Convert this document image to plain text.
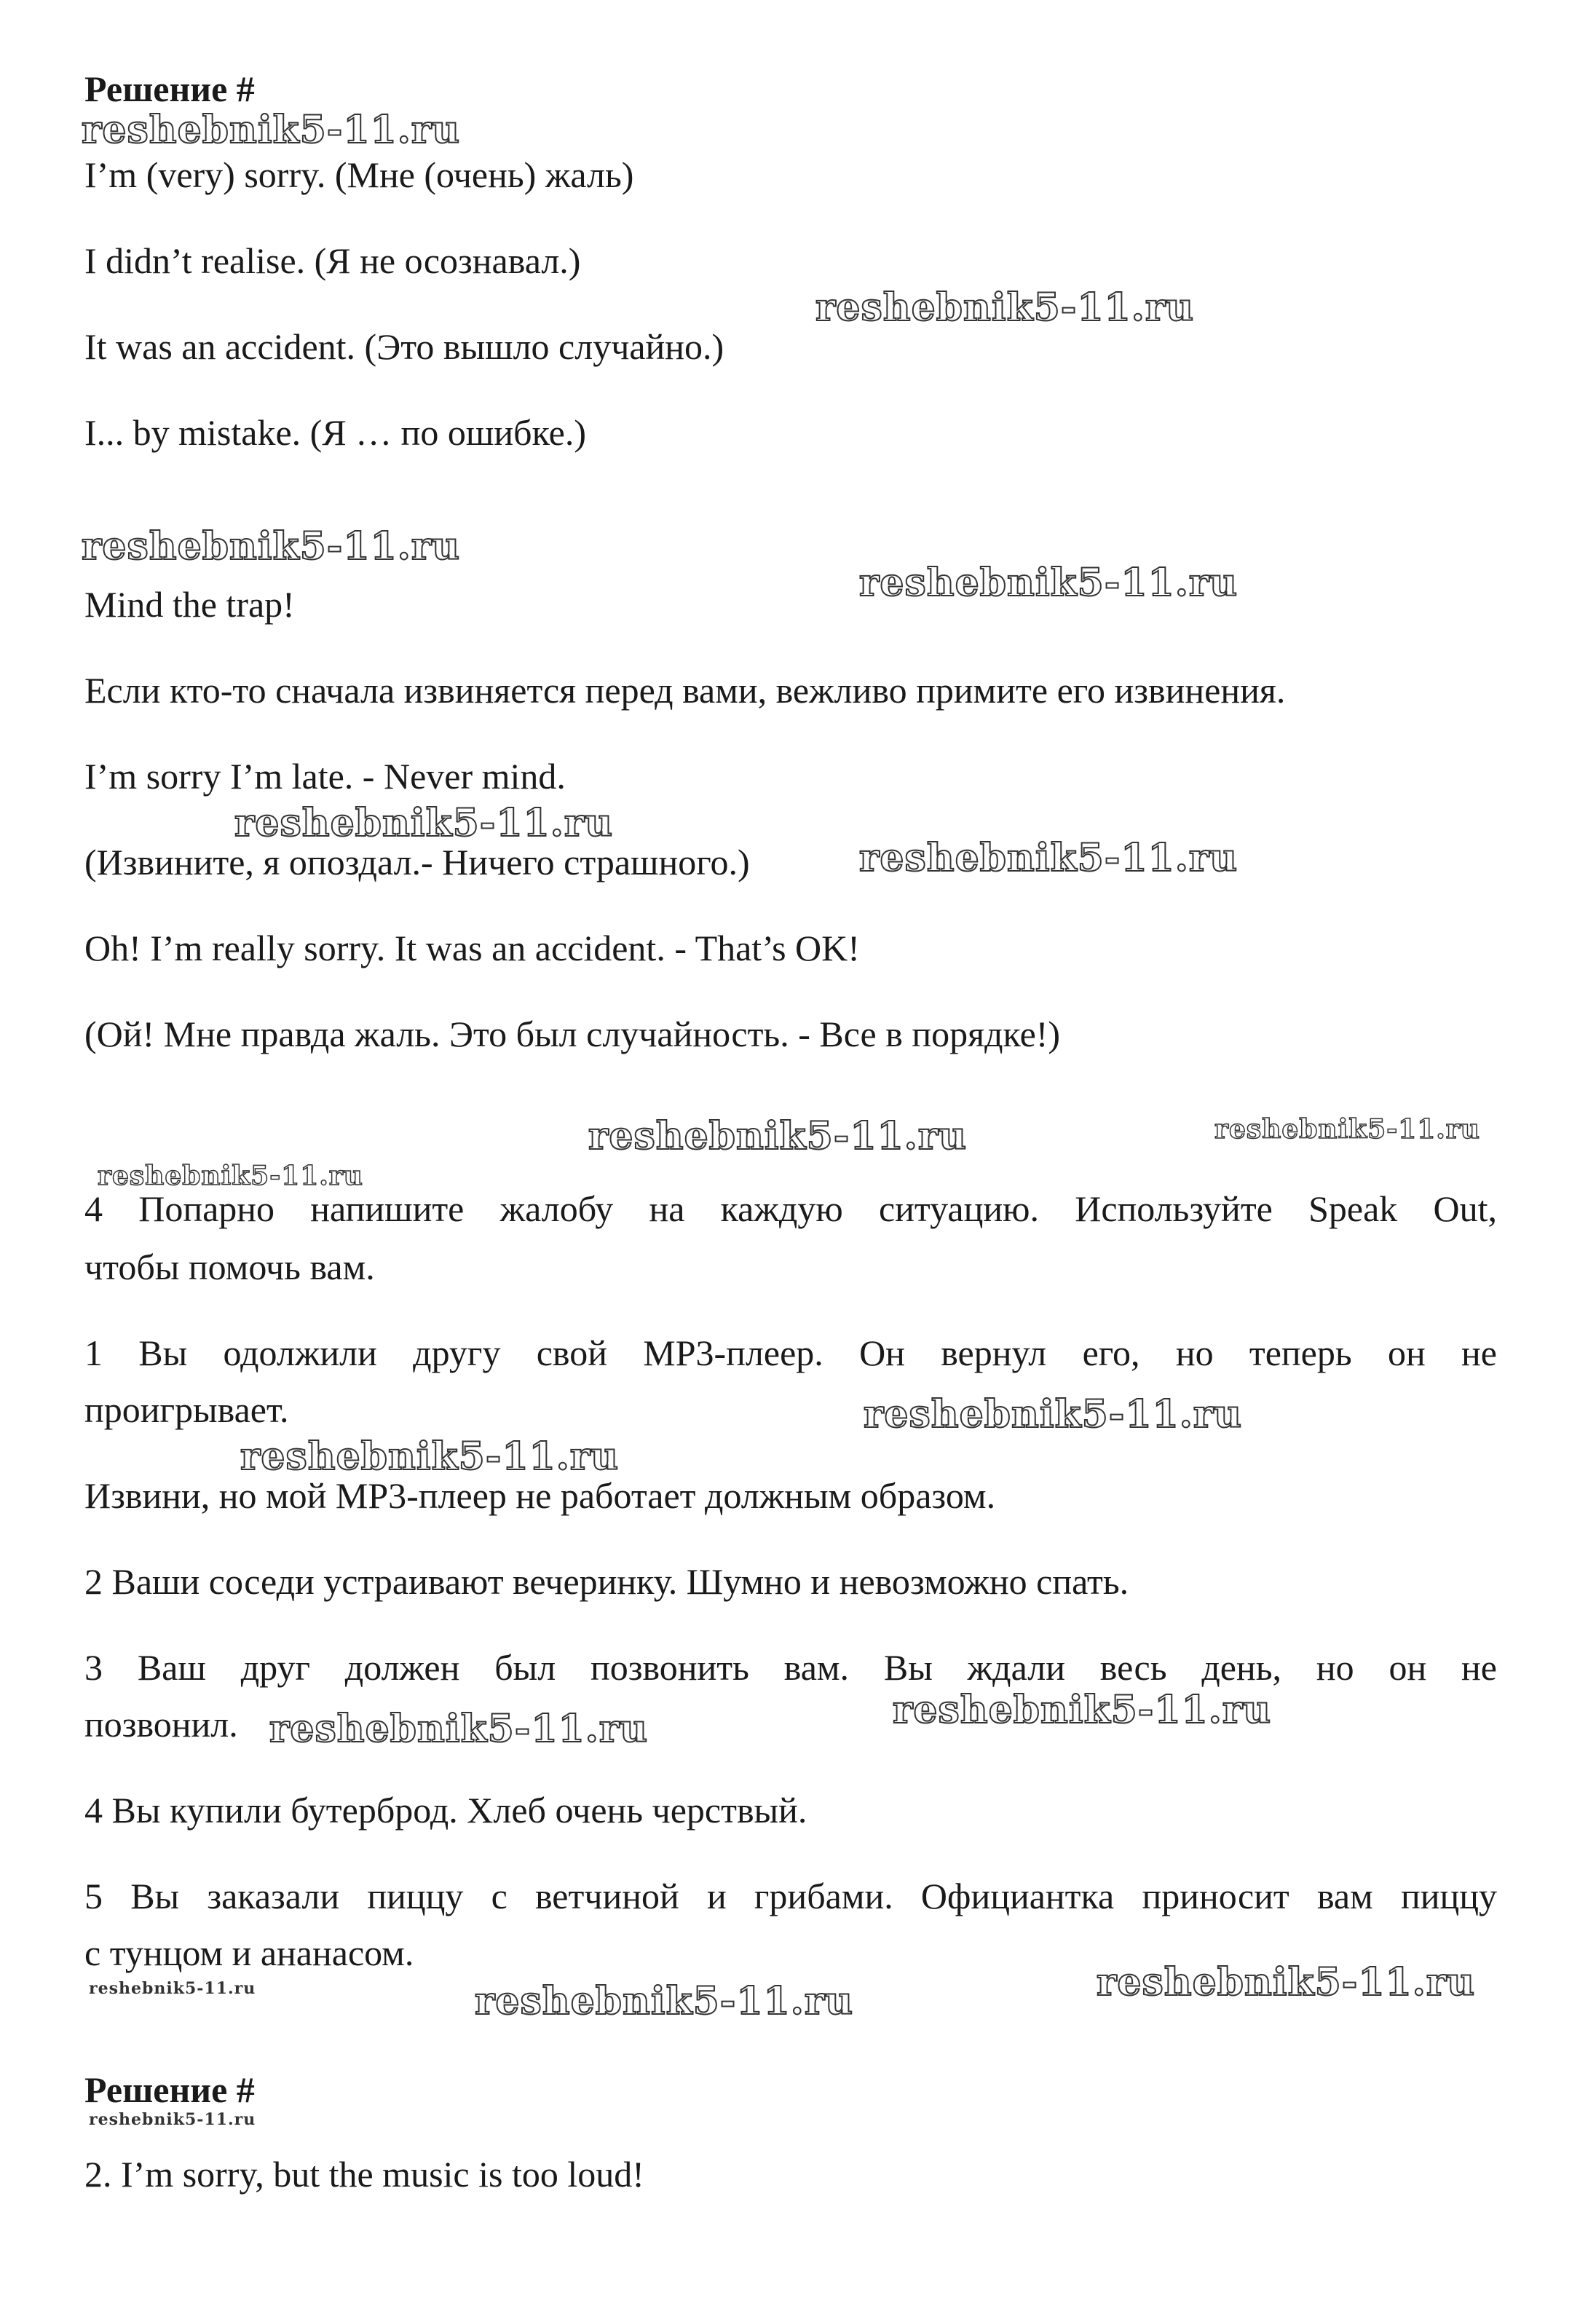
Решение #
reshebnik5-11.ru
I’m (very) sorry. (Мне (очень) жаль)
I didn’t realise. (Я не осознавал.)
reshebnik5-11.ru
It was an accident. (Это вышло случайно.)
I... by mistake. (Я … по ошибке.)
reshebnik5-11.ru
reshebnik5-11.ru
Mind the trap!
Если кто-то сначала извиняется перед вами, вежливо примите его извинения.
I’m sorry I’m late. - Never mind.
reshebnik5-11.ru
(Извините, я опоздал.- Ничего страшного.)	reshebnik5-11.ru
Oh! I’m really sorry. It was an accident. - That’s OK!
(Ой! Мне правда жаль. Это был случайность. - Все в порядке!)
reshebnik5-11.ru	reshebnik5-11.ru
reshebnik5-11.ru
4 Попарно напишите жалобу на каждую ситуацию. Используйте Speak Out,
чтобы помочь вам.
1 Вы одолжили другу свой MP3-плеер. Он вернул его, но теперь он не
проигрывает.	reshebnik5-11.ru
reshebnik5-11.ru
Извини, но мой MP3-плеер не работает должным образом.
2 Ваши соседи устраивают вечеринку. Шумно и невозможно спать.
3 Ваш друг должен был позвонить вам. Вы ждали весь день, но он не
позвонил. reshebnik5-11.ru	reshebnik5-11.ru
4 Вы купили бутерброд. Хлеб очень черствый.
5 Вы заказали пиццу с ветчиной и грибами. Официантка приносит вам пиццу
с тунцом и ананасом.
reshebnik5-11.ru	reshebnik5-11.ru	reshebnik5-11.ru
Решение #
reshebnik5-11.ru
2. I’m sorry, but the music is too loud!
